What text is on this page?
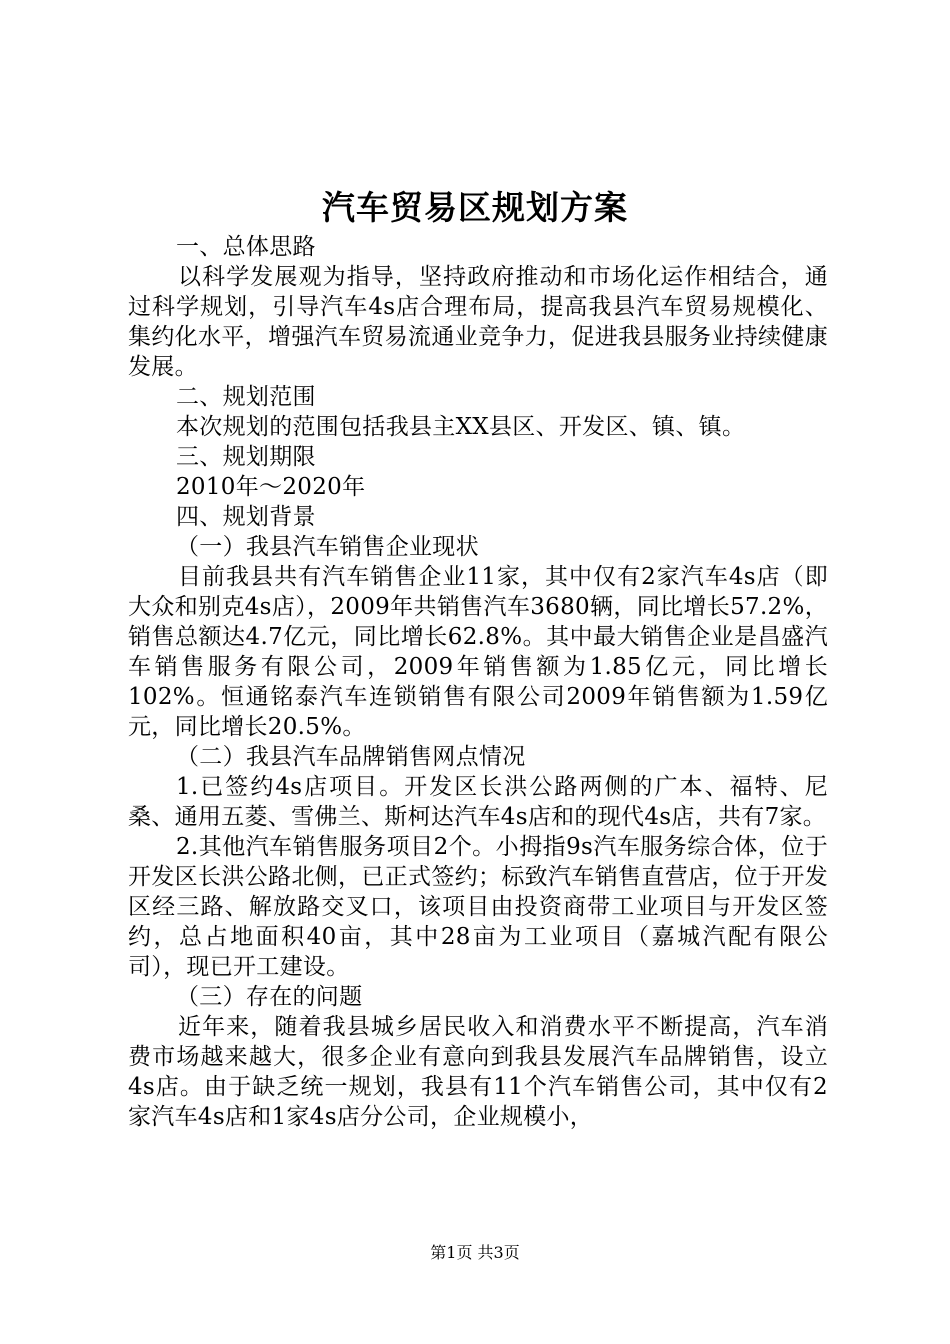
汽车贸易区规划方案

一、总体思路

以科学发展观为指导，坚持政府推动和市场化运作相结合，通过科学规划，引导汽车4s店合理布局，提高我县汽车贸易规模化、集约化水平，增强汽车贸易流通业竞争力，促进我县服务业持续健康发展。

二、规划范围

本次规划的范围包括我县主XX县区、开发区、镇、镇。

三、规划期限

2010年～2020年

四、规划背景

（一）我县汽车销售企业现状

目前我县共有汽车销售企业11家，其中仅有2家汽车4s店（即大众和别克4s店），2009年共销售汽车3680辆，同比增长57.2%，销售总额达4.7亿元，同比增长62.8%。其中最大销售企业是昌盛汽车销售服务有限公司，2009年销售额为1.85亿元，同比增长102%。恒通铭泰汽车连锁销售有限公司2009年销售额为1.59亿元，同比增长20.5%。

（二）我县汽车品牌销售网点情况

1.已签约4s店项目。开发区长洪公路两侧的广本、福特、尼桑、通用五菱、雪佛兰、斯柯达汽车4s店和的现代4s店，共有7家。

2.其他汽车销售服务项目2个。小拇指9s汽车服务综合体，位于开发区长洪公路北侧，已正式签约；标致汽车销售直营店，位于开发区经三路、解放路交叉口，该项目由投资商带工业项目与开发区签约，总占地面积40亩，其中28亩为工业项目（嘉城汽配有限公司），现已开工建设。

（三）存在的问题

近年来，随着我县城乡居民收入和消费水平不断提高，汽车消费市场越来越大，很多企业有意向到我县发展汽车品牌销售，设立4s店。由于缺乏统一规划，我县有11个汽车销售公司，其中仅有2家汽车4s店和1家4s店分公司，企业规模小，

第1页 共3页
